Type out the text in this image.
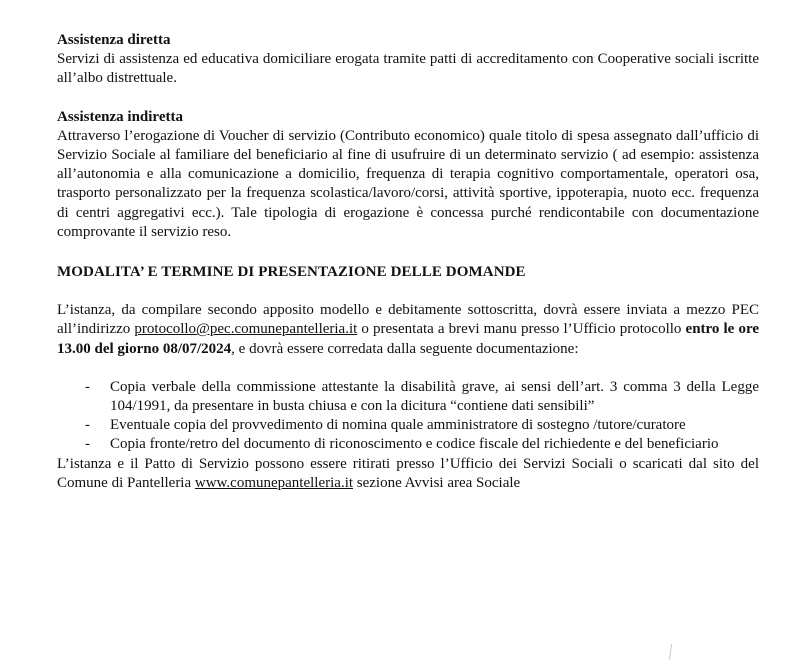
Assistenza diretta
Servizi di assistenza ed educativa domiciliare erogata tramite patti di accreditamento con Cooperative sociali iscritte all’albo distrettuale.
Assistenza indiretta
Attraverso l’erogazione di Voucher di servizio (Contributo economico) quale titolo di spesa assegnato dall’ufficio di Servizio Sociale al familiare del beneficiario al fine di usufruire di un determinato servizio ( ad esempio: assistenza all’autonomia e alla comunicazione a domicilio, frequenza di terapia cognitivo comportamentale, operatori osa, trasporto personalizzato per la frequenza scolastica/lavoro/corsi, attività sportive, ippoterapia, nuoto ecc. frequenza di centri aggregativi ecc.). Tale tipologia di erogazione è concessa purché rendicontabile con documentazione comprovante il servizio reso.
MODALITA’ E TERMINE DI PRESENTAZIONE DELLE DOMANDE
L’istanza, da compilare secondo apposito modello e debitamente sottoscritta, dovrà essere inviata a mezzo PEC all’indirizzo protocollo@pec.comunepantelleria.it o presentata a brevi manu presso l’Ufficio protocollo entro le ore 13.00 del giorno 08/07/2024, e dovrà essere corredata dalla seguente documentazione:
- Copia verbale della commissione attestante la disabilità grave, ai sensi dell’art. 3 comma 3 della Legge 104/1991, da presentare in busta chiusa e con la dicitura “contiene dati sensibili”
- Eventuale copia del provvedimento di nomina quale amministratore di sostegno /tutore/curatore
- Copia fronte/retro del documento di riconoscimento e codice fiscale del richiedente e del beneficiario
L’istanza e il Patto di Servizio possono essere ritirati presso l’Ufficio dei Servizi Sociali o scaricati dal sito del Comune di Pantelleria www.comunepantelleria.it sezione Avvisi area Sociale
